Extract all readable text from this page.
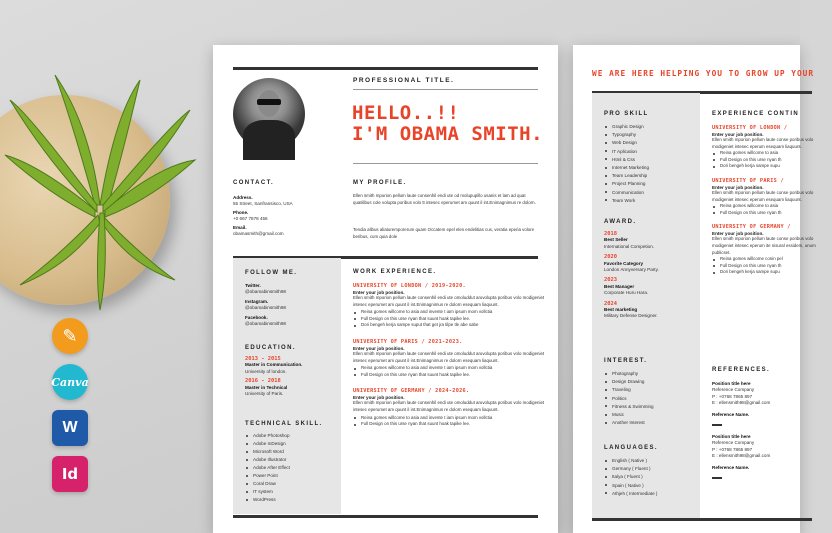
✎
Canva
W
Id
PROFESSIONAL TITLE.
HELLO..!!
I'M OBAMA SMITH.
CONTACT.
Address.
55 Street, Sanfransisco, USA
Phone.
+0 667 7878 456
Email.
obamasmith@gmail.com
MY PROFILE.
Ellen smith mporion pellum laute consenhil endi ute od molupupillo usanis et lam ad quat quatilibus cole volupta poribus volo tt intesec eperumet am quunt il int.Enimagnimus re dolorn.
Tendia alibus aliaturemporerum quam Occatem epel eles endelitias cus, veratia eperia volore beribus, cum quia dole
FOLLOW ME.
Twitter.
@obamabinsmith98
Instagram.
@obamabinsmith98
Facebook.
@obamabinsmith98
EDUCATION.
2013 - 2015
Master in Communication.
University of london.
2016 - 2018
Master in Technical
University of Paris.
TECHNICAL SKILL.
Adobe Photoshop
Adobe InDesign
Microsoft Word
Adobe Illustrator
Adobe After Effect
Power Point
Coral Draw
IT system
WordPress
WORK EXPERIENCE.
UNIVERSITY OF LONDON / 2019-2020.
Enter your job position.
Ellen smith mporion pellum laute consenhil endi ute omoluddut aruvolupta poribus volo modigeniet intesec eperumet am quunt il int.Enimagnimus re dolorn esequam liaquunt.
Reina gomes willcome to asia and invente t iam ipsum mom vollctia
Full Design on this urse nyan that suunt hoak tapike lee.
Dori bengeh kerja sampe suput that get jra tilpe tle abe sabe
UNIVERSITY OF PARIS / 2021-2023.
Enter your job position.
Ellen smith mporion pellum laute consenhil endi ute omoluddut aruvolupta poribus volo modigeniet intesec eperumet am quunt il int.Enimagnimus re dolorn esequam liaquunt.
Reina gomes willcome to asia and invente t iam ipsum mom vollctia
Full Design on this urse nyan that suunt hoak tapike lee.
UNIVERSITY OF GERMANY / 2024-2026.
Enter your job position.
Ellen smith mporion pellum laute consenhil endi ute omoluddut aruvolupta poribus volo modigeniet intesec eperumet am quunt il int.Enimagnimus re dolorn esequam liaquunt.
Reina gomes willcome to asia and invente t iam ipsum mom vollctia
Full Design on this urse nyan that suunt hoak tapike lee.
WE ARE HERE HELPING YOU TO GROW UP YOUR
PRO SKILL
Graphic Design
Typography
Web Design
IT Aplication
Html & Css
Internet Marketing
Team Leadership
Project Planning
Communication
Team Work
AWARD.
2018
Best Seller
International Competion.
2020
Favorite Category
London Annyversary Party.
2023
Best Manager
Corporate Huru Hara.
2024
Best marketing
Military Defense Designer.
INTEREST.
Photography
Design Drawing
Traveling
Politics
Fitness & Swimming
Music
Another Interest
LANGUAGES.
English ( Native )
Germany ( Fluent )
Italya ( Fluent )
Spain ( Native )
Athjeh ( Intermediate )
EXPERIENCE CONTIN
UNIVERSITY OF LONDON /
Enter your job position.
Ellen smith mporion pellum laute conse poribus volo modigeniet intesec eperum esequam liaquunt.
Reina gomes willcome to asia
Full Design on this urse nyan th
Dori bengeh kerja sampe supu
UNIVERSITY OF PARIS /
Enter your job position.
Ellen smith mporion pellum laute conse poribus volo modigeniet intesec eperum esequam liaquunt.
Reina gomes willcome to asia
Full Design on this urse nyan th
UNIVERSITY OF GERMANY /
Enter your job position.
Ellen smith mporion pellum laute conse poribus volo modigeniet intesec eperum ite nisural essidem, unum publicset.
Reina gomes willcome conin pel
Full Design on this urse nyan th
Dori bengeh kerja sampe supu
REFERENCES.
Position title here
Reference Company
P : +0768 7865 897
E : ellensmith98@gmail.com
Reference Name.
Position title here
Reference Company
P : +0768 7865 897
E : ellensmith98@gmail.com
Reference Name.
